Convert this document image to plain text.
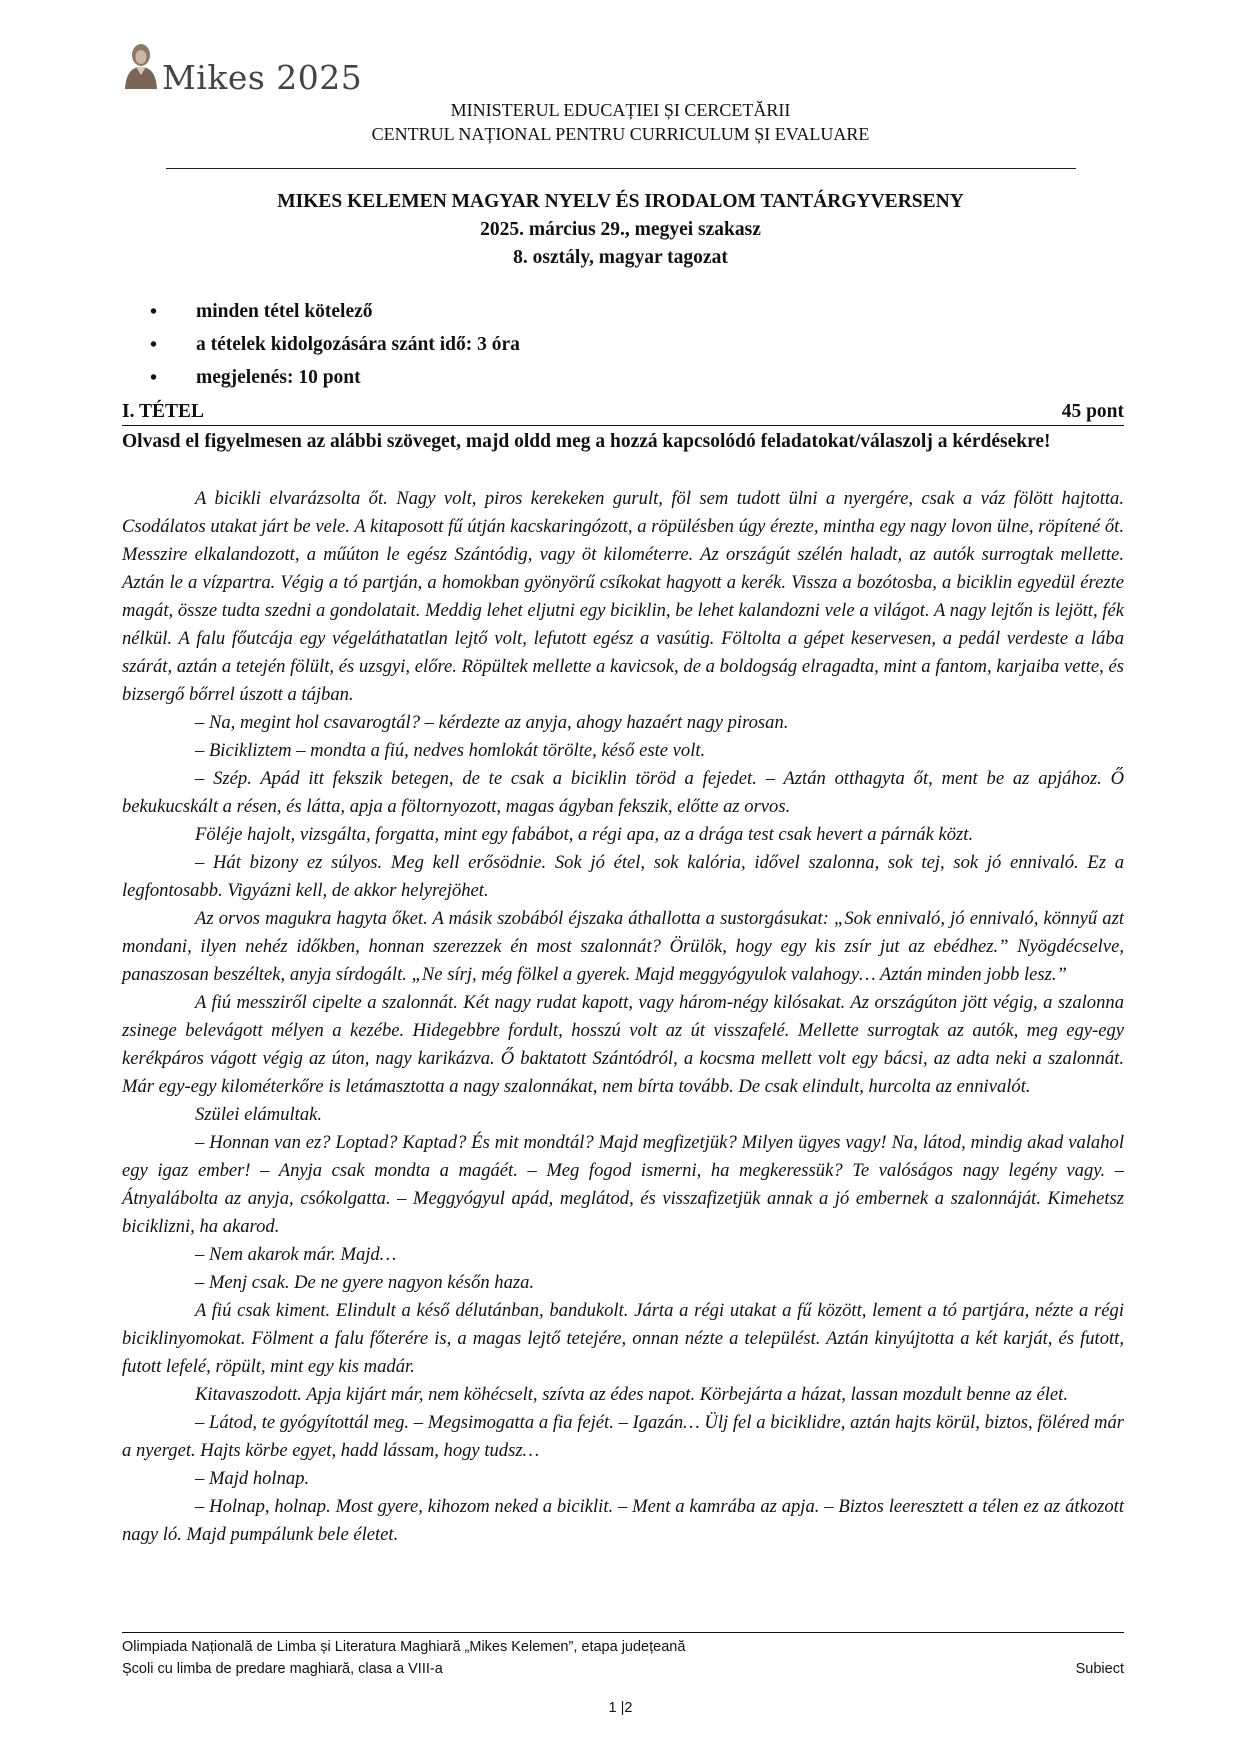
Mikes 2025
MINISTERUL EDUCAȚIEI ȘI CERCETĂRII
CENTRUL NAȚIONAL PENTRU CURRICULUM ȘI EVALUARE
MIKES KELEMEN MAGYAR NYELV ÉS IRODALOM TANTÁRGYVERSENY
2025. március 29., megyei szakasz
8. osztály, magyar tagozat
• minden tétel kötelező
• a tételek kidolgozására szánt idő: 3 óra
• megjelenés: 10 pont
I. TÉTEL	45 pont
Olvasd el figyelmesen az alábbi szöveget, majd oldd meg a hozzá kapcsolódó feladatokat/válaszolj a kérdésekre!

A bicikli elvarázsolta őt. Nagy volt, piros kerekeken gurult, föl sem tudott ülni a nyergére, csak a váz fölött hajtotta. Csodálatos utakat járt be vele. A kitaposott fű útján kacskaringózott, a röpülésben úgy érezte, mintha egy nagy lovon ülne, röpítené őt. Messzire elkalandozott, a műúton le egész Szántódig, vagy öt kilométerre. Az országút szélén haladt, az autók surrogtak mellette. Aztán le a vízpartra. Végig a tó partján, a homokban gyönyörű csíkokat hagyott a kerék. Vissza a bozótosba, a biciklin egyedül érezte magát, össze tudta szedni a gondolatait. Meddig lehet eljutni egy biciklin, be lehet kalandozni vele a világot. A nagy lejtőn is lejött, fék nélkül. A falu főutcája egy végeláthatatlan lejtő volt, lefutott egész a vasútig. Föltolta a gépet keservesen, a pedál verdeste a lába szárát, aztán a tetején fölült, és uzsgyi, előre. Röpültek mellette a kavicsok, de a boldogság elragadta, mint a fantom, karjaiba vette, és bizsergő bőrrel úszott a tájban.

– Na, megint hol csavarogtál? – kérdezte az anyja, ahogy hazaért nagy pirosan.

– Bicikliztem – mondta a fiú, nedves homlokát törölte, késő este volt.

– Szép. Apád itt fekszik betegen, de te csak a biciklin töröd a fejedet. – Aztán otthagyta őt, ment be az apjához. Ő bekukucskált a résen, és látta, apja a föltornyozott, magas ágyban fekszik, előtte az orvos.

Föléje hajolt, vizsgálta, forgatta, mint egy fabábot, a régi apa, az a drága test csak hevert a párnák közt.

– Hát bizony ez súlyos. Meg kell erősödnie. Sok jó étel, sok kalória, idővel szalonna, sok tej, sok jó ennivaló. Ez a legfontosabb. Vigyázni kell, de akkor helyrejöhet.

Az orvos magukra hagyta őket. A másik szobából éjszaka áthallotta a sustorgásukat: „Sok ennivaló, jó ennivaló, könnyű azt mondani, ilyen nehéz időkben, honnan szerezzek én most szalonnát? Örülök, hogy egy kis zsír jut az ebédhez.” Nyögdécselve, panaszosan beszéltek, anyja sírdogált. „Ne sírj, még fölkel a gyerek. Majd meggyógyulok valahogy… Aztán minden jobb lesz.”

A fiú messziről cipelte a szalonnát. Két nagy rudat kapott, vagy három-négy kilósakat. Az országúton jött végig, a szalonna zsinege belevágott mélyen a kezébe. Hidegebbre fordult, hosszú volt az út visszafelé. Mellette surrogtak az autók, meg egy-egy kerékpáros vágott végig az úton, nagy karikázva. Ő baktatott Szántódról, a kocsma mellett volt egy bácsi, az adta neki a szalonnát. Már egy-egy kilométerkőre is letámasztotta a nagy szalonnákat, nem bírta tovább. De csak elindult, hurcolta az ennivalót.

Szülei elámultak.

– Honnan van ez? Loptad? Kaptad? És mit mondtál? Majd megfizetjük? Milyen ügyes vagy! Na, látod, mindig akad valahol egy igaz ember! – Anyja csak mondta a magáét. – Meg fogod ismerni, ha megkeressük? Te valóságos nagy legény vagy. – Átnyalábolta az anyja, csókolgatta. – Meggyógyul apád, meglátod, és visszafizetjük annak a jó embernek a szalonnáját. Kimehetsz biciklizni, ha akarod.

– Nem akarok már. Majd…

– Menj csak. De ne gyere nagyon későn haza.

A fiú csak kiment. Elindult a késő délutánban, bandukolt. Járta a régi utakat a fű között, lement a tó partjára, nézte a régi biciklinyomokat. Fölment a falu főterére is, a magas lejtő tetejére, onnan nézte a települést. Aztán kinyújtotta a két karját, és futott, futott lefelé, röpült, mint egy kis madár.

Kitavaszodott. Apja kijárt már, nem köhécselt, szívta az édes napot. Körbejárta a házat, lassan mozdult benne az élet.

– Látod, te gyógyítottál meg. – Megsimogatta a fia fejét. – Igazán… Ülj fel a biciklidre, aztán hajts körül, biztos, föléred már a nyerget. Hajts körbe egyet, hadd lássam, hogy tudsz…

– Majd holnap.

– Holnap, holnap. Most gyere, kihozom neked a biciklit. – Ment a kamrába az apja. – Biztos leeresztett a télen ez az átkozott nagy ló. Majd pumpálunk bele életet.

Olimpiada Națională de Limba și Literatura Maghiară „Mikes Kelemen”, etapa județeană
Școli cu limba de predare maghiară, clasa a VIII-a	Subiect
1 |2
